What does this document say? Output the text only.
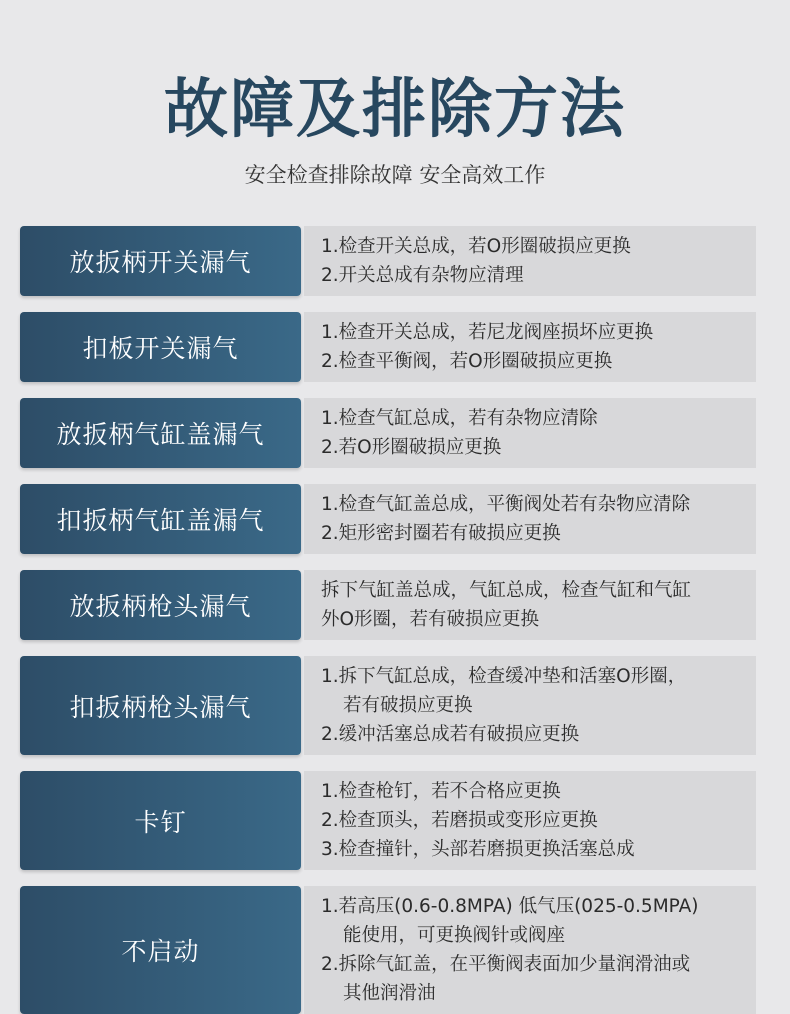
故障及排除方法
安全检查排除故障 安全高效工作
放扳柄开关漏气
1.检查开关总成，若O形圈破损应更换
2.开关总成有杂物应清理
扣板开关漏气
1.检查开关总成，若尼龙阀座损坏应更换
2.检查平衡阀，若O形圈破损应更换
放扳柄气缸盖漏气
1.检查气缸总成，若有杂物应清除
2.若O形圈破损应更换
扣扳柄气缸盖漏气
1.检查气缸盖总成，平衡阀处若有杂物应清除
2.矩形密封圈若有破损应更换
放扳柄枪头漏气
拆下气缸盖总成，气缸总成，检查气缸和气缸
外O形圈，若有破损应更换
扣扳柄枪头漏气
1.拆下气缸总成，检查缓冲垫和活塞O形圈，
若有破损应更换
2.缓冲活塞总成若有破损应更换
卡钉
1.检查枪钉，若不合格应更换
2.检查顶头，若磨损或变形应更换
3.检查撞针，头部若磨损更换活塞总成
不启动
1.若高压(0.6-0.8MPA) 低气压(025-0.5MPA)
能使用，可更换阀针或阀座
2.拆除气缸盖，在平衡阀表面加少量润滑油或
其他润滑油
